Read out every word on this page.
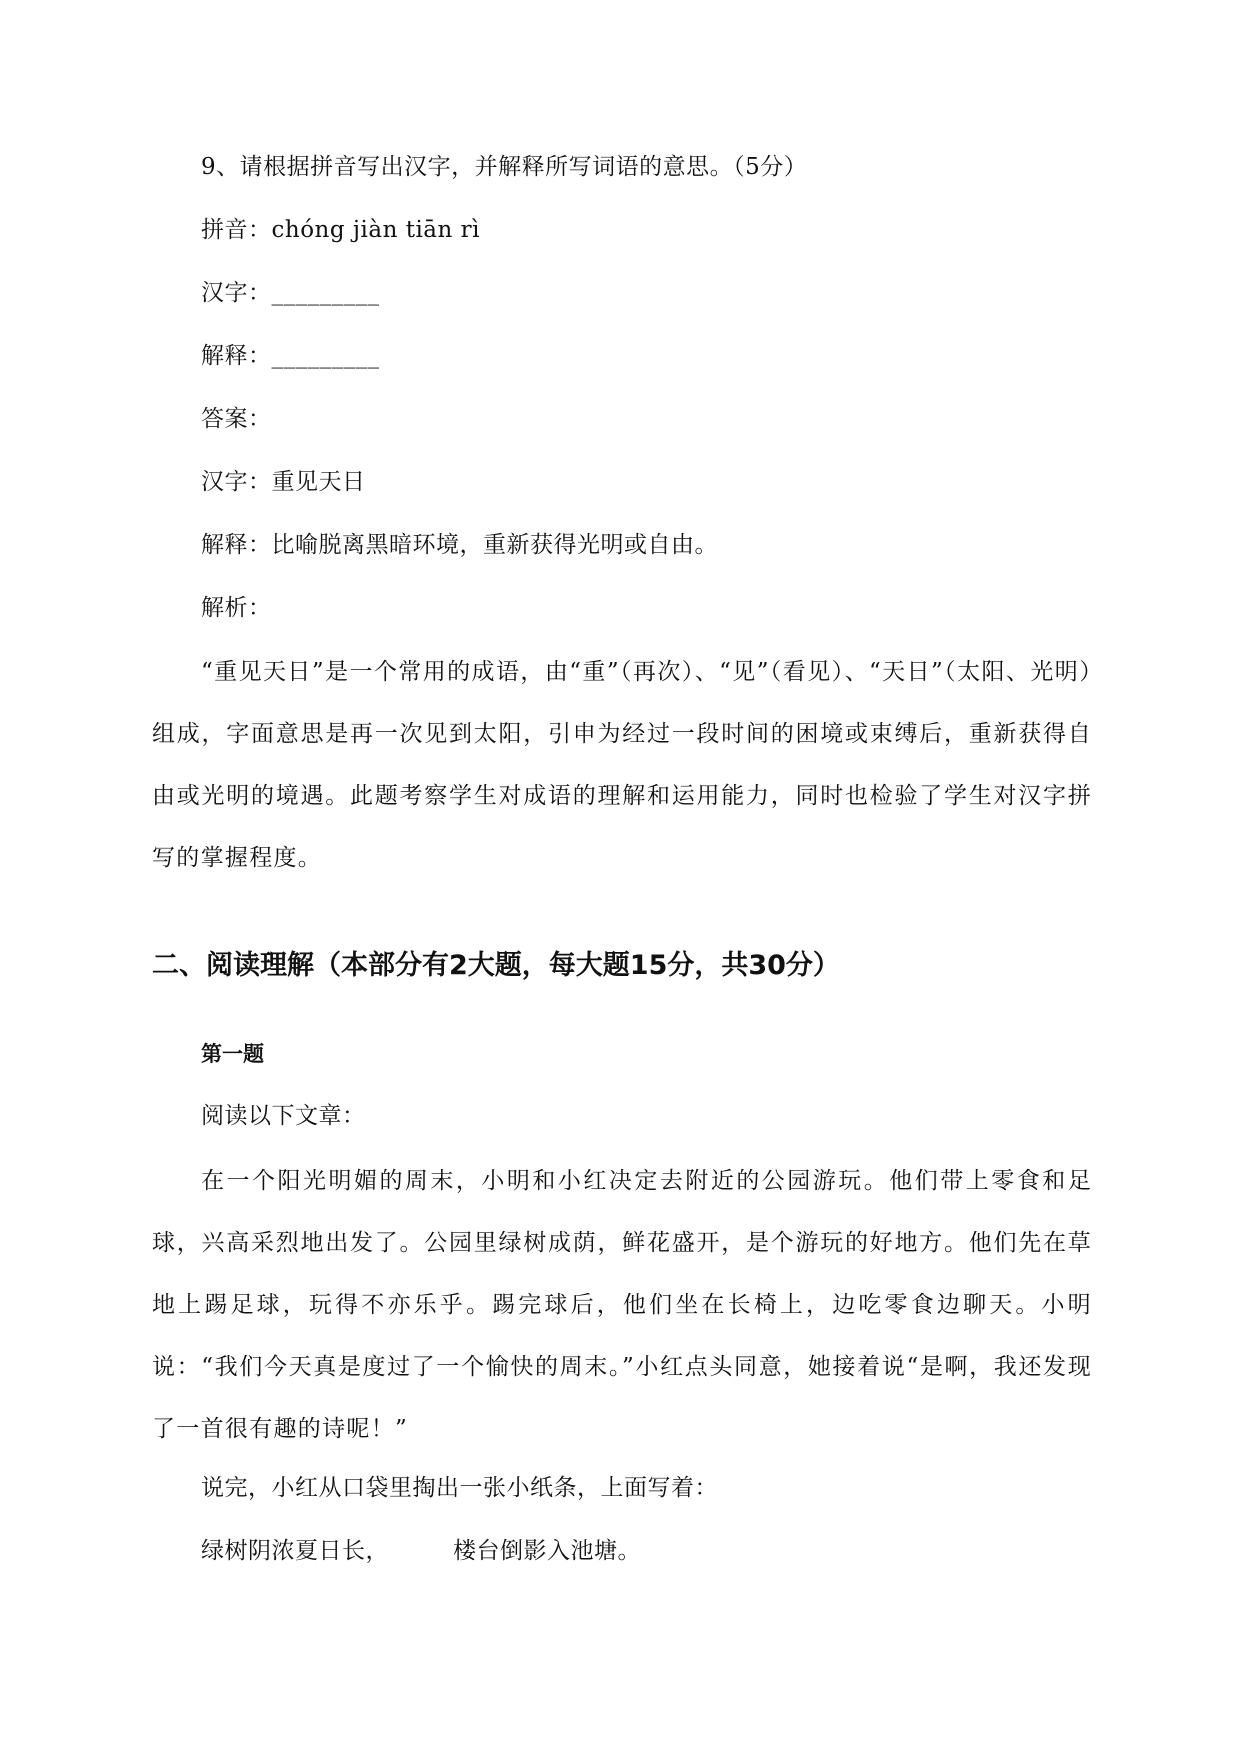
9、请根据拼音写出汉字，并解释所写词语的意思。（5分）
拼音：chóng jiàn tiān rì
汉字：_________
解释：_________
答案：
汉字：重见天日
解释：比喻脱离黑暗环境，重新获得光明或自由。
解析：
“重见天日”是一个常用的成语，由“重”（再次）、“见”（看见）、“天日”（太阳、光明）组成，字面意思是再一次见到太阳，引申为经过一段时间的困境或束缚后，重新获得自由或光明的境遇。此题考察学生对成语的理解和运用能力，同时也检验了学生对汉字拼写的掌握程度。
二、阅读理解（本部分有2大题，每大题15分，共30分）
第一题
阅读以下文章：
在一个阳光明媚的周末，小明和小红决定去附近的公园游玩。他们带上零食和足球，兴高采烈地出发了。公园里绿树成荫，鲜花盛开，是个游玩的好地方。他们先在草地上踢足球，玩得不亦乐乎。踢完球后，他们坐在长椅上，边吃零食边聊天。小明说：“我们今天真是度过了一个愉快的周末。”小红点头同意，她接着说“是啊，我还发现了一首很有趣的诗呢！”
说完，小红从口袋里掏出一张小纸条，上面写着：
绿树阴浓夏日长，	楼台倒影入池塘。
